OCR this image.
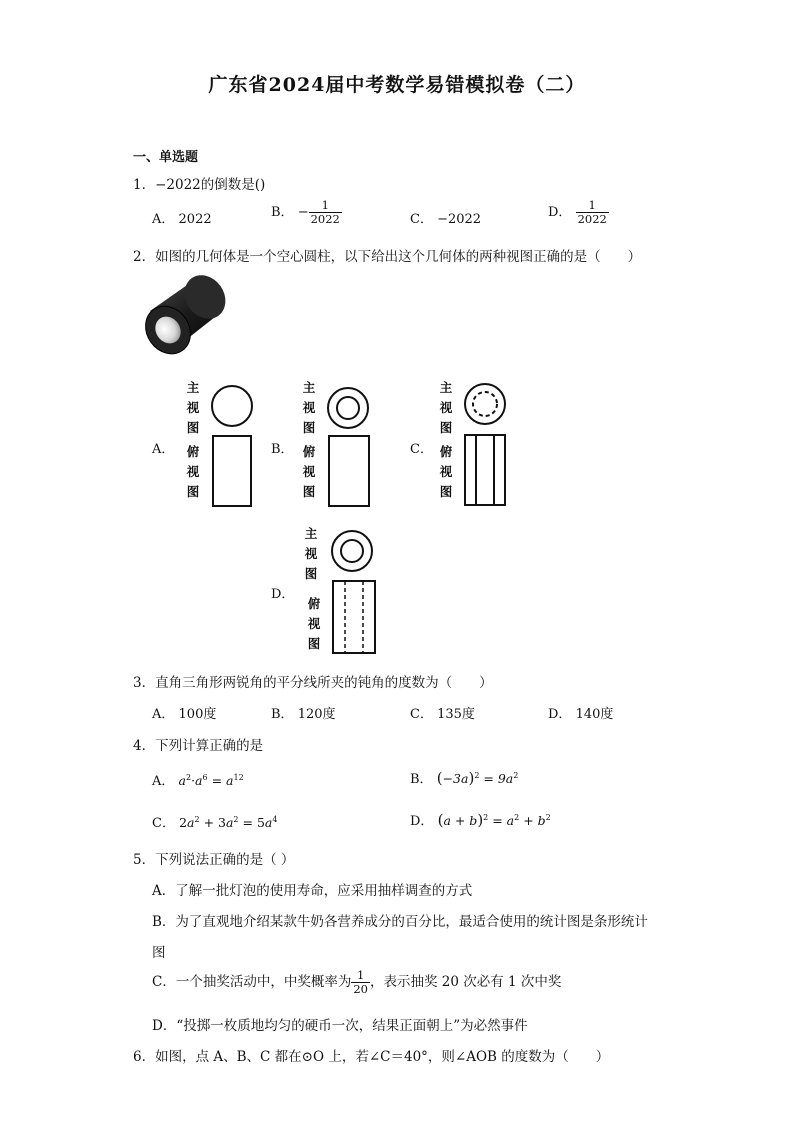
广东省2024届中考数学易错模拟卷（二）
一、单选题
1．−2022的倒数是()
A． 2022	B． − $\frac{1}{2022}$	C． −2022	D． $\frac{1}{2022}$
2．如图的几何体是一个空心圆柱，以下给出这个几何体的两种视图正确的是（　　）
A．
主视图
俯视图
B．
主视图
俯视图
C．
主视图
俯视图
D．
主视图
俯视图
3．直角三角形两锐角的平分线所夹的钝角的度数为（　　）
A． 100度	B． 120度	C． 135度	D． 140度
4．下列计算正确的是
A． $a^2\cdot a^6 = a^{12}$	B． $(-3a)^2 = 9a^2$
C． $2a^2 + 3a^2 = 5a^4$	D． $(a + b)^2 = a^2 + b^2$
5．下列说法正确的是（ ）
A．了解一批灯泡的使用寿命，应采用抽样调查的方式
B．为了直观地介绍某款牛奶各营养成分的百分比，最适合使用的统计图是条形统计
图
C．一个抽奖活动中，中奖概率为 $\frac{1}{20}$ ，表示抽奖 20 次必有 1 次中奖
D．“投掷一枚质地均匀的硬币一次，结果正面朝上”为必然事件
6．如图，点 A、B、C 都在⊙O 上，若∠C＝40°，则∠AOB 的度数为（　　）
